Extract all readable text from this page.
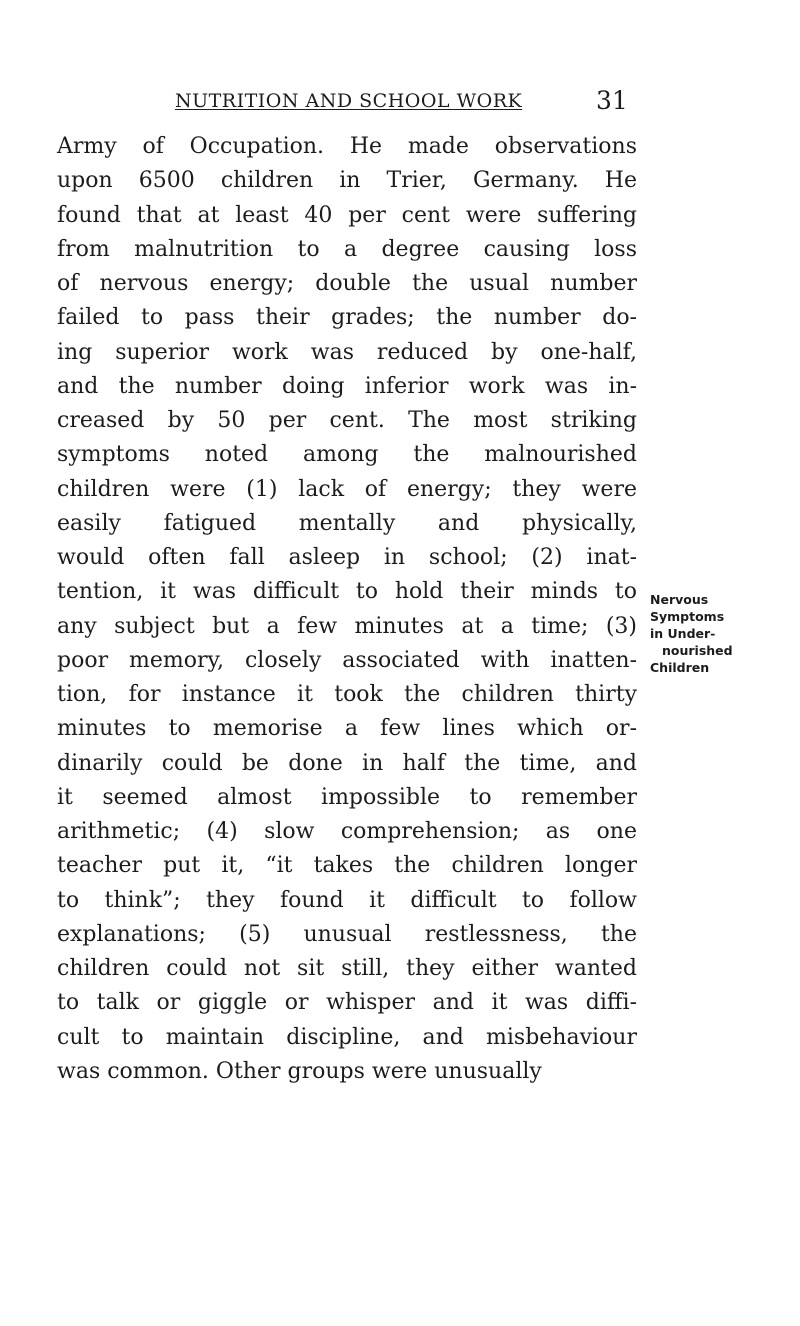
NUTRITION AND SCHOOL WORK	31
Army of Occupation. He made observations
upon 6500 children in Trier, Germany. He
found that at least 40 per cent were suffering
from malnutrition to a degree causing loss
of nervous energy; double the usual number
failed to pass their grades; the number do-
ing superior work was reduced by one-half,
and the number doing inferior work was in-
creased by 50 per cent. The most striking
symptoms noted among the malnourished
children were (1) lack of energy; they were
easily fatigued mentally and physically,
would often fall asleep in school; (2) inat-
tention, it was difficult to hold their minds to
any subject but a few minutes at a time; (3)
poor memory, closely associated with inatten-
tion, for instance it took the children thirty
minutes to memorise a few lines which or-
dinarily could be done in half the time, and
it seemed almost impossible to remember
arithmetic; (4) slow comprehension; as one
teacher put it, “it takes the children longer
to think”; they found it difficult to follow
explanations; (5) unusual restlessness, the
children could not sit still, they either wanted
to talk or giggle or whisper and it was diffi-
cult to maintain discipline, and misbehaviour
was common. Other groups were unusually
Nervous
Symptoms
in Under-
nourished
Children
